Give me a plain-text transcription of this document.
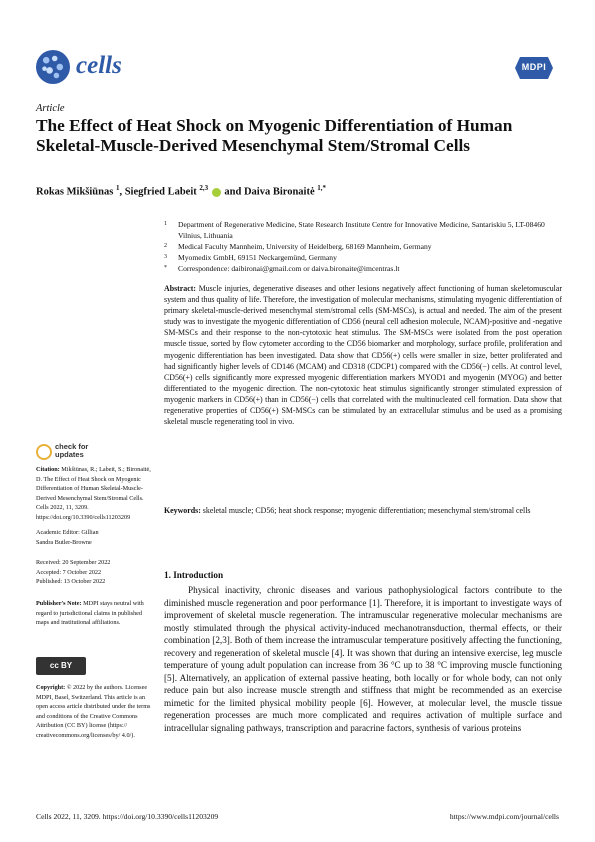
cells	MDPI
Article
The Effect of Heat Shock on Myogenic Differentiation of Human Skeletal-Muscle-Derived Mesenchymal Stem/Stromal Cells
Rokas Mikšiūnas $^1$, Siegfried Labeit $^{2,3}$  and Daiva Bironaitė $^{1,*}$
1	Department of Regenerative Medicine, State Research Institute Centre for Innovative Medicine, Santariskiu 5, LT-08460 Vilnius, Lithuania
2	Medical Faculty Mannheim, University of Heidelberg, 68169 Mannheim, Germany
3	Myomedix GmbH, 69151 Neckargemünd, Germany
*	Correspondence: daibironai@gmail.com or daiva.bironaite@imcentras.lt
Abstract: Muscle injuries, degenerative diseases and other lesions negatively affect functioning of human skeletomuscular system and thus quality of life. Therefore, the investigation of molecular mechanisms, stimulating myogenic differentiation of primary skeletal-muscle-derived mesenchymal stem/stromal cells (SM-MSCs), is actual and needed. The aim of the present study was to investigate the myogenic differentiation of CD56 (neural cell adhesion molecule, NCAM)-positive and -negative SM-MSCs and their response to the non-cytotoxic heat stimulus. The SM-MSCs were isolated from the post operation muscle tissue, sorted by flow cytometer according to the CD56 biomarker and morphology, surface profile, proliferation and myogenic differentiation has been investigated. Data show that CD56(+) cells were smaller in size, better proliferated and had significantly higher levels of CD146 (MCAM) and CD318 (CDCP1) compared with the CD56(−) cells. At control level, CD56(+) cells significantly more expressed myogenic differentiation markers MYOD1 and myogenin (MYOG) and better differentiated to the myogenic direction. The non-cytotoxic heat stimulus significantly stronger stimulated expression of myogenic markers in CD56(+) than in CD56(−) cells that correlated with the multinucleated cell formation. Data show that regenerative properties of CD56(+) SM-MSCs can be stimulated by an extracellular stimulus and be used as a promising skeletal muscle regenerating tool in vivo.
Keywords: skeletal muscle; CD56; heat shock response; myogenic differentiation; mesenchymal stem/stromal cells
check for
updates
Citation: Mikšiūnas, R.; Labeit, S.; Bironaitė, D. The Effect of Heat Shock on Myogenic Differentiation of Human Skeletal-Muscle-Derived Mesenchymal Stem/Stromal Cells. Cells 2022, 11, 3209. https://doi.org/10.3390/cells11203209
Academic Editor: Gillian
Sandra Butler-Browne
Received: 20 September 2022
Accepted: 7 October 2022
Published: 13 October 2022
Publisher's Note: MDPI stays neutral with regard to jurisdictional claims in published maps and institutional affiliations.
cc BY
Copyright: © 2022 by the authors. Licensee MDPI, Basel, Switzerland. This article is an open access article distributed under the terms and conditions of the Creative Commons Attribution (CC BY) license (https:// creativecommons.org/licenses/by/ 4.0/).
1. Introduction
Physical inactivity, chronic diseases and various pathophysiological factors contribute to the diminished muscle regeneration and poor performance [1]. Therefore, it is important to investigate ways of improvement of skeletal muscle regeneration. The intramuscular regenerative molecular mechanisms are mostly stimulated through the physical activity-induced mechanotransduction, thermal effects, or their combination [2,3]. Both of them increase the intramuscular temperature positively affecting the functioning, recovery and regeneration of skeletal muscle [4]. It was shown that during an intensive exercise, leg muscle temperature of young adult population can increase from 36 °C up to 38 °C improving muscle functioning [5]. Alternatively, an application of external passive heating, both locally or for whole body, can not only reduce pain but also increase muscle strength and stiffness that might be recommended as an exercise mimetic for the limited physical mobility people [6]. However, at molecular level, the muscle tissue regeneration processes are much more complicated and requires activation of multiple surface and intracellular signaling pathways, transcription and paracrine factors, synthesis of various proteins
Cells 2022, 11, 3209. https://doi.org/10.3390/cells11203209	https://www.mdpi.com/journal/cells
